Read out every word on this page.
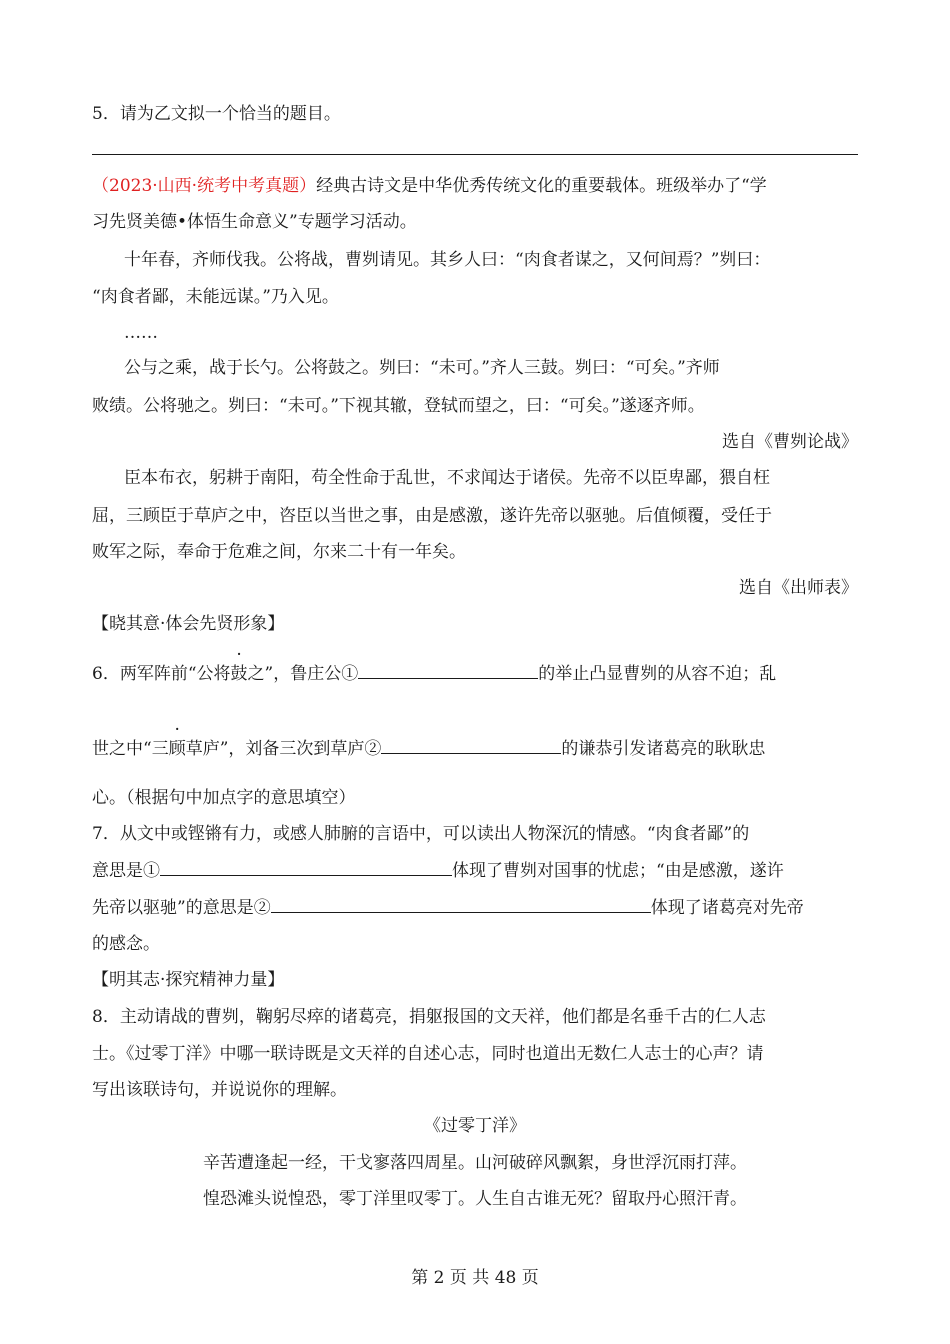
5．请为乙文拟一个恰当的题目。
（2023·山西·统考中考真题）经典古诗文是中华优秀传统文化的重要载体。班级举办了“学
习先贤美德•体悟生命意义”专题学习活动。
十年春，齐师伐我。公将战，曹刿请见。其乡人曰：“肉食者谋之，又何间焉？”刿曰：
“肉食者鄙，未能远谋。”乃入见。
……
公与之乘，战于长勺。公将鼓之。刿曰：“未可。”齐人三鼓。刿曰：“可矣。”齐师
败绩。公将驰之。刿曰：“未可。”下视其辙，登轼而望之，曰：“可矣。”遂逐齐师。
选自《曹刿论战》
臣本布衣，躬耕于南阳，苟全性命于乱世，不求闻达于诸侯。先帝不以臣卑鄙，猥自枉
屈，三顾臣于草庐之中，咨臣以当世之事，由是感激，遂许先帝以驱驰。后值倾覆，受任于
败军之际，奉命于危难之间，尔来二十有一年矣。
选自《出师表》
【晓其意·体会先贤形象】
6．两军阵前“公将鼓之”，鲁庄公①	的举止凸显曹刿的从容不迫；乱
世之中“三顾草庐”，刘备三次到草庐②	的谦恭引发诸葛亮的耿耿忠
心。（根据句中加点字的意思填空）
7．从文中或铿锵有力，或感人肺腑的言语中，可以读出人物深沉的情感。“肉食者鄙”的
意思是①	体现了曹刿对国事的忧虑；“由是感激，遂许
先帝以驱驰”的意思是②	体现了诸葛亮对先帝
的感念。
【明其志·探究精神力量】
8．主动请战的曹刿，鞠躬尽瘁的诸葛亮，捐躯报国的文天祥，他们都是名垂千古的仁人志
士。《过零丁洋》中哪一联诗既是文天祥的自述心志，同时也道出无数仁人志士的心声？请
写出该联诗句，并说说你的理解。
《过零丁洋》
辛苦遭逢起一经，干戈寥落四周星。山河破碎风飘絮，身世浮沉雨打萍。
惶恐滩头说惶恐，零丁洋里叹零丁。人生自古谁无死？留取丹心照汗青。
第 2 页 共 48 页
